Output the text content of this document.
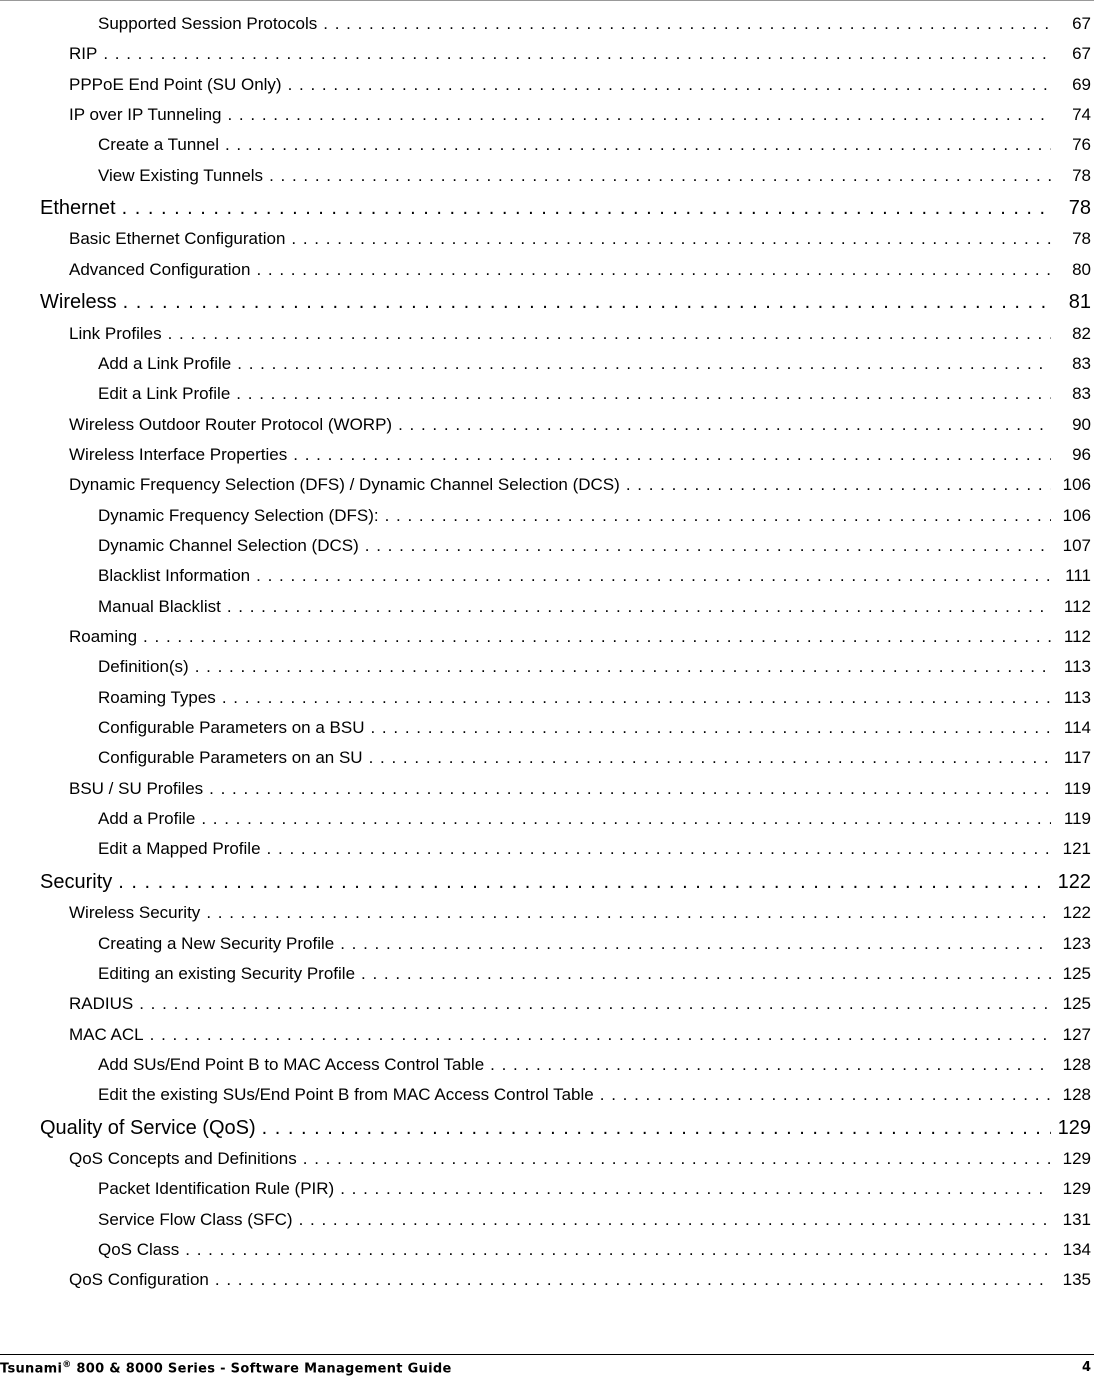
Supported Session Protocols . . .	67
RIP . . .	67
PPPoE End Point (SU Only) . . .	69
IP over IP Tunneling . . .	74
Create a Tunnel . . .	76
View Existing Tunnels . . .	78
Ethernet . . .	78
Basic Ethernet Configuration . . .	78
Advanced Configuration . . .	80
Wireless . . .	81
Link Profiles . . .	82
Add a Link Profile . . .	83
Edit a Link Profile . . .	83
Wireless Outdoor Router Protocol (WORP) . . .	90
Wireless Interface Properties . . .	96
Dynamic Frequency Selection (DFS) / Dynamic Channel Selection (DCS) . . .	106
Dynamic Frequency Selection (DFS): . . .	106
Dynamic Channel Selection (DCS) . . .	107
Blacklist Information . . .	111
Manual Blacklist . . .	112
Roaming . . .	112
Definition(s) . . .	113
Roaming Types . . .	113
Configurable Parameters on a BSU . . .	114
Configurable Parameters on an SU . . .	117
BSU / SU Profiles . . .	119
Add a Profile . . .	119
Edit a Mapped Profile . . .	121
Security . . .	122
Wireless Security . . .	122
Creating a New Security Profile . . .	123
Editing an existing Security Profile . . .	125
RADIUS . . .	125
MAC ACL . . .	127
Add SUs/End Point B to MAC Access Control Table . . .	128
Edit the existing SUs/End Point B from MAC Access Control Table . . .	128
Quality of Service (QoS) . . .	129
QoS Concepts and Definitions . . .	129
Packet Identification Rule (PIR) . . .	129
Service Flow Class (SFC) . . .	131
QoS Class . . .	134
QoS Configuration . . .	135
Tsunami® 800 & 8000 Series - Software Management Guide	4
